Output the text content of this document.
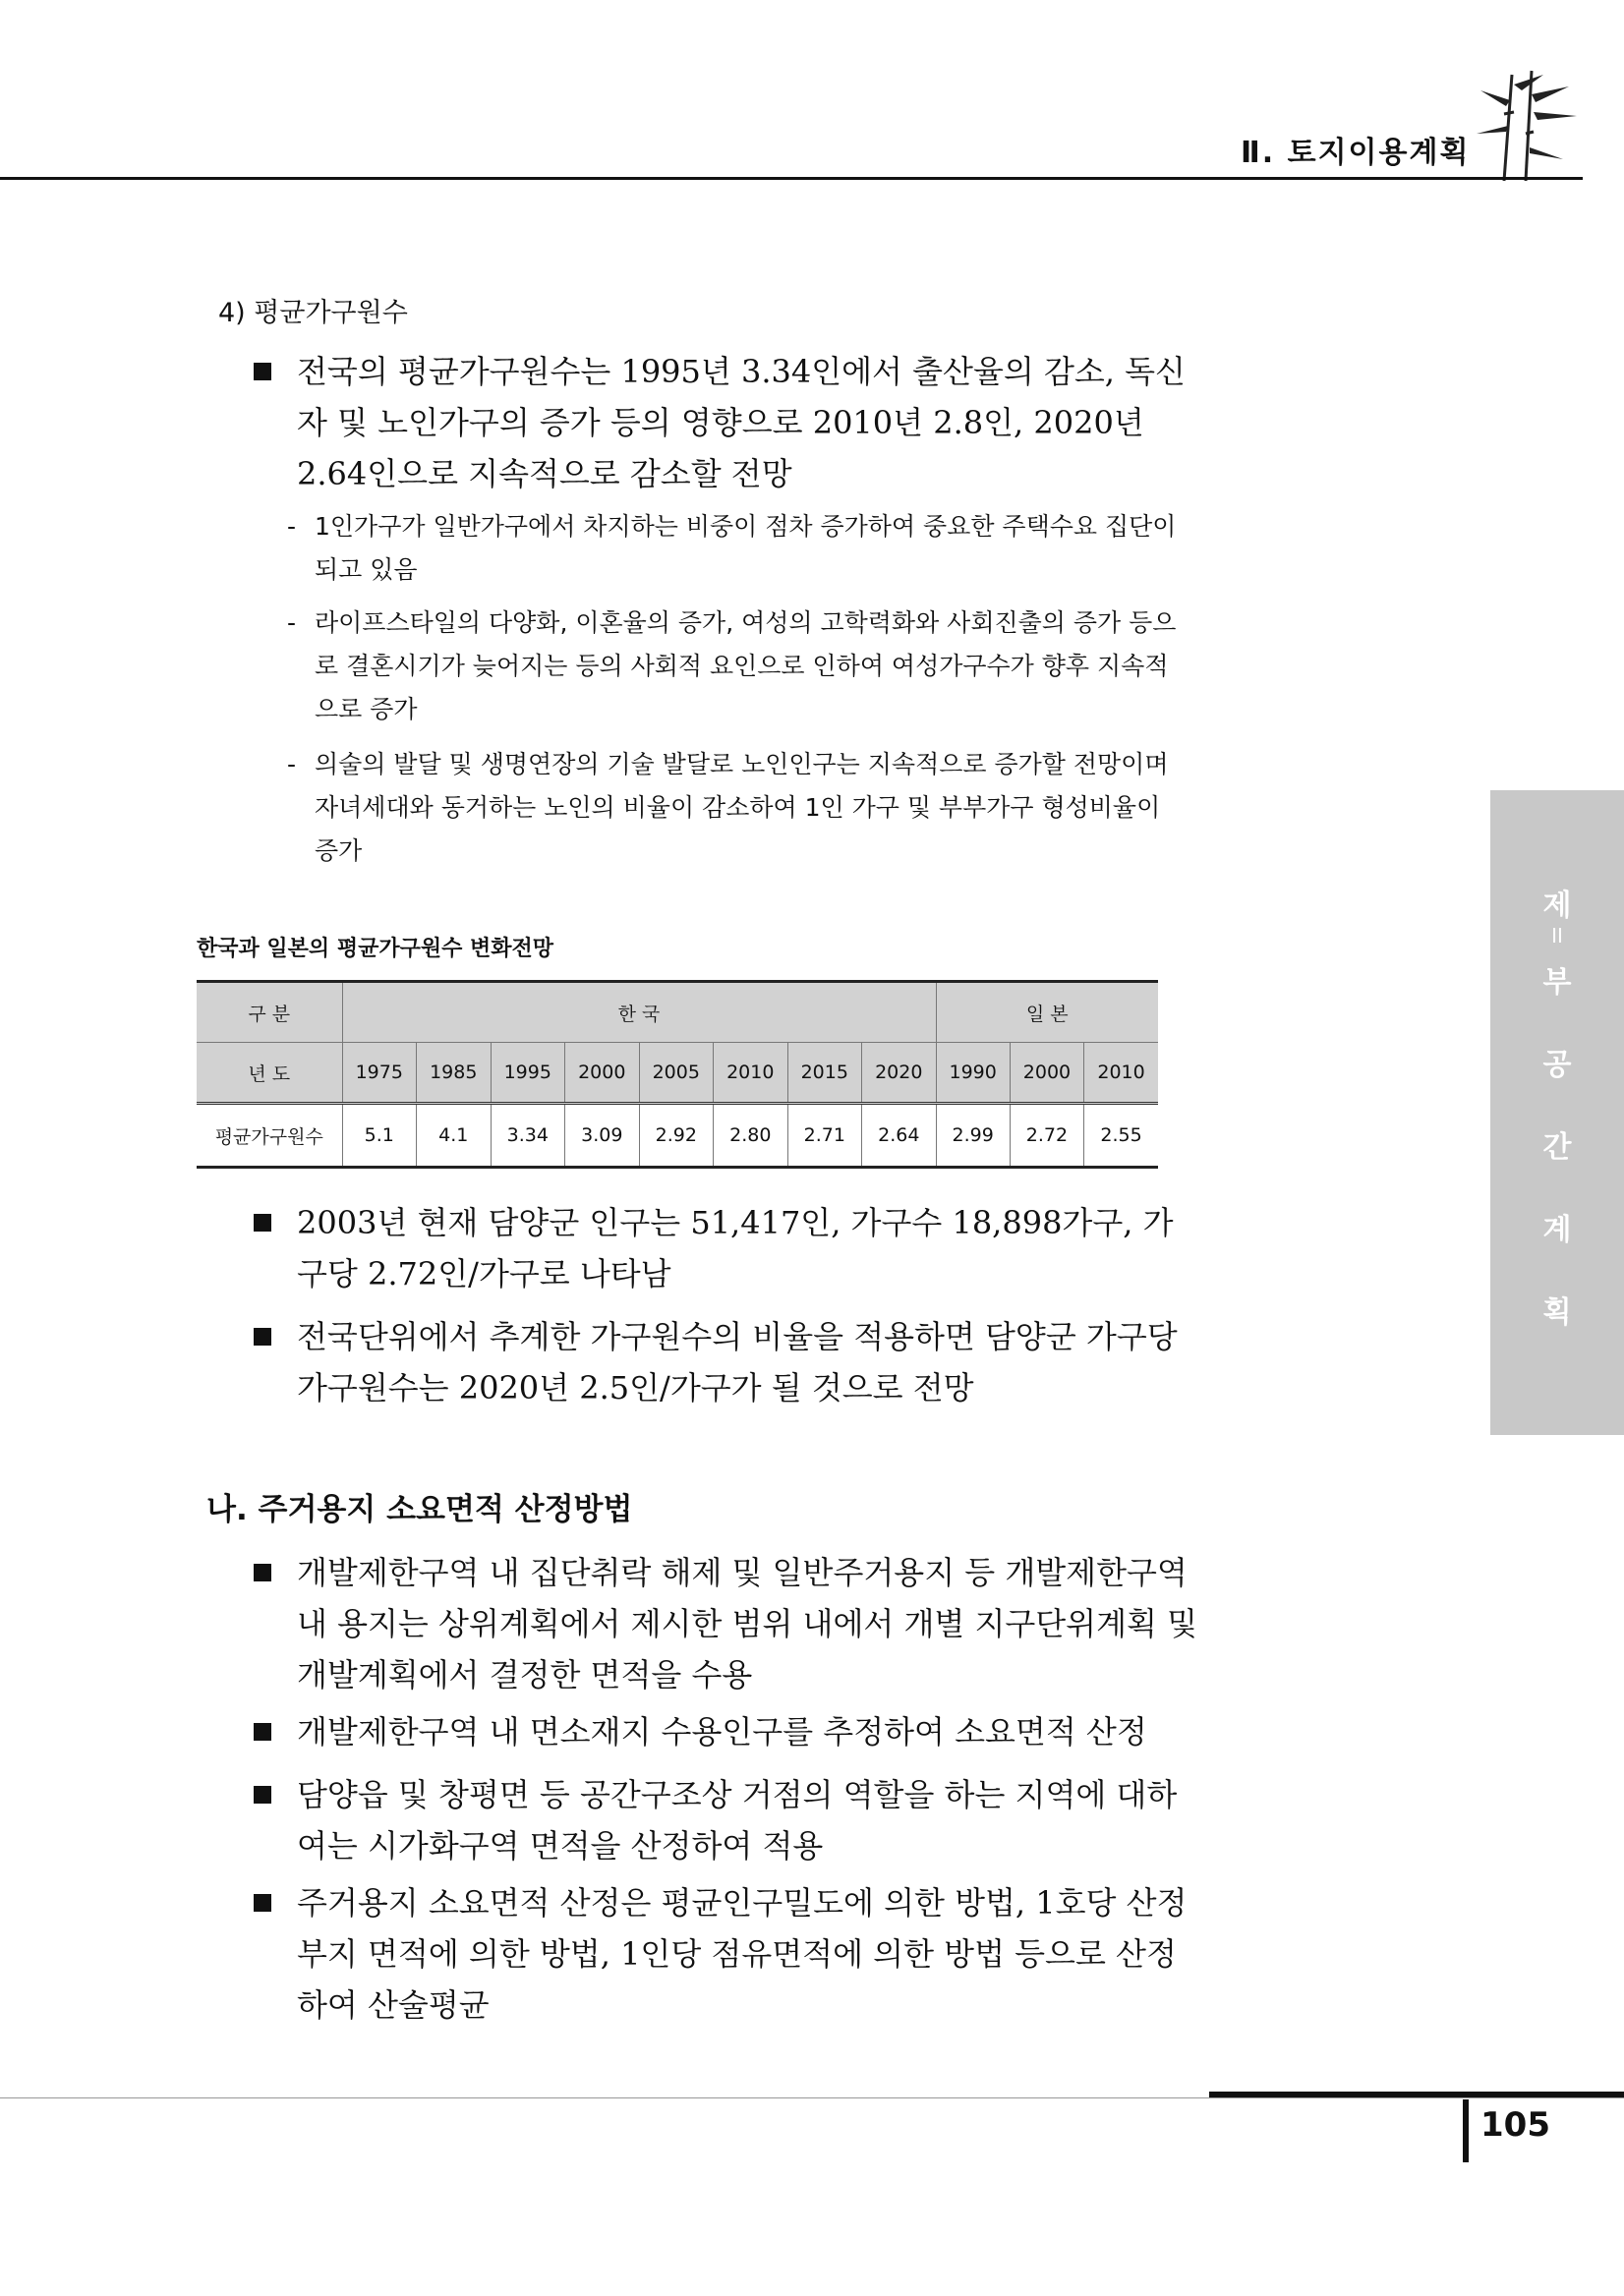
Ⅱ. 토지이용계획
제
II
부
공
간
계
획
4) 평균가구원수
전국의 평균가구원수는 1995년 3.34인에서 출산율의 감소, 독신자 및 노인가구의 증가 등의 영향으로 2010년 2.8인, 2020년 2.64인으로 지속적으로 감소할 전망
- 1인가구가 일반가구에서 차지하는 비중이 점차 증가하여 중요한 주택수요 집단이 되고 있음
- 라이프스타일의 다양화, 이혼율의 증가, 여성의 고학력화와 사회진출의 증가 등으로 결혼시기가 늦어지는 등의 사회적 요인으로 인하여 여성가구수가 향후 지속적으로 증가
- 의술의 발달 및 생명연장의 기술 발달로 노인인구는 지속적으로 증가할 전망이며 자녀세대와 동거하는 노인의 비율이 감소하여 1인 가구 및 부부가구 형성비율이 증가
한국과 일본의 평균가구원수 변화전망
구 분	한 국								일 본		
년 도	1975	1985	1995	2000	2005	2010	2015	2020	1990	2000	2010
평균가구원수	5.1	4.1	3.34	3.09	2.92	2.80	2.71	2.64	2.99	2.72	2.55
2003년 현재 담양군 인구는 51,417인, 가구수 18,898가구, 가구당 2.72인/가구로 나타남
전국단위에서 추계한 가구원수의 비율을 적용하면 담양군 가구당 가구원수는 2020년 2.5인/가구가 될 것으로 전망
나. 주거용지 소요면적 산정방법
개발제한구역 내 집단취락 해제 및 일반주거용지 등 개발제한구역 내 용지는 상위계획에서 제시한 범위 내에서 개별 지구단위계획 및 개발계획에서 결정한 면적을 수용
개발제한구역 내 면소재지 수용인구를 추정하여 소요면적 산정
담양읍 및 창평면 등 공간구조상 거점의 역할을 하는 지역에 대하여는 시가화구역 면적을 산정하여 적용
주거용지 소요면적 산정은 평균인구밀도에 의한 방법, 1호당 산정부지 면적에 의한 방법, 1인당 점유면적에 의한 방법 등으로 산정하여 산술평균
105
